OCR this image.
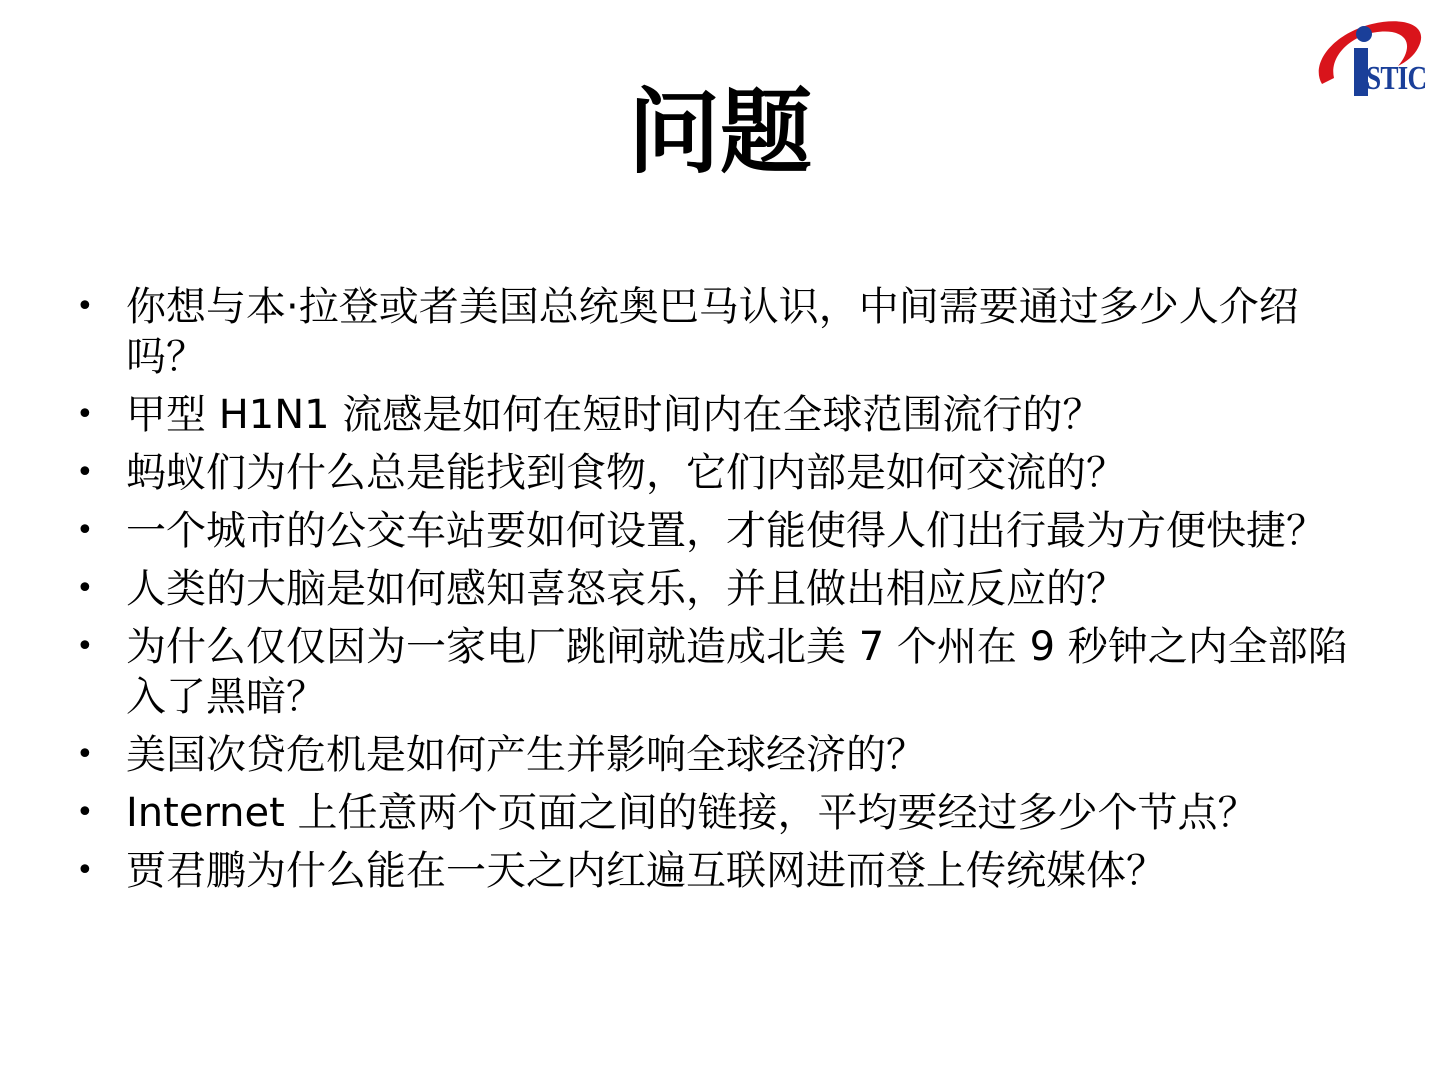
STIC
问题
• 你想与本·拉登或者美国总统奥巴马认识，中间需要通过多少人介绍吗？
• 甲型 H1N1 流感是如何在短时间内在全球范围流行的？
• 蚂蚁们为什么总是能找到食物，它们内部是如何交流的？
• 一个城市的公交车站要如何设置，才能使得人们出行最为方便快捷？
• 人类的大脑是如何感知喜怒哀乐，并且做出相应反应的？
• 为什么仅仅因为一家电厂跳闸就造成北美 7 个州在 9 秒钟之内全部陷入了黑暗？
• 美国次贷危机是如何产生并影响全球经济的？
• Internet 上任意两个页面之间的链接，平均要经过多少个节点？
• 贾君鹏为什么能在一天之内红遍互联网进而登上传统媒体？
